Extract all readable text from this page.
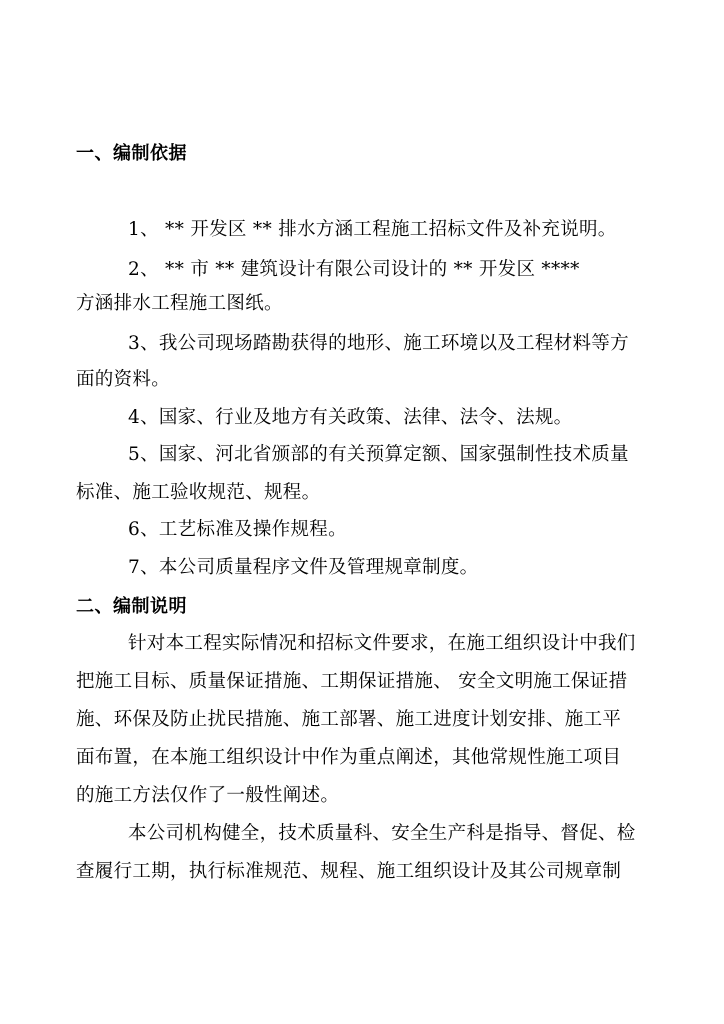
一、编制依据
1、 ** 开发区 ** 排水方涵工程施工招标文件及补充说明。
2、 ** 市 ** 建筑设计有限公司设计的 ** 开发区 ****
方涵排水工程施工图纸。
3、我公司现场踏勘获得的地形、施工环境以及工程材料等方
面的资料。
4、国家、行业及地方有关政策、法律、法令、法规。
5、国家、河北省颁部的有关预算定额、国家强制性技术质量
标准、施工验收规范、规程。
6、工艺标准及操作规程。
7、本公司质量程序文件及管理规章制度。
二、编制说明
针对本工程实际情况和招标文件要求，在施工组织设计中我们
把施工目标、质量保证措施、工期保证措施、 安全文明施工保证措
施、环保及防止扰民措施、施工部署、施工进度计划安排、施工平
面布置，在本施工组织设计中作为重点阐述，其他常规性施工项目
的施工方法仅作了一般性阐述。
本公司机构健全，技术质量科、安全生产科是指导、督促、检
查履行工期，执行标准规范、规程、施工组织设计及其公司规章制
